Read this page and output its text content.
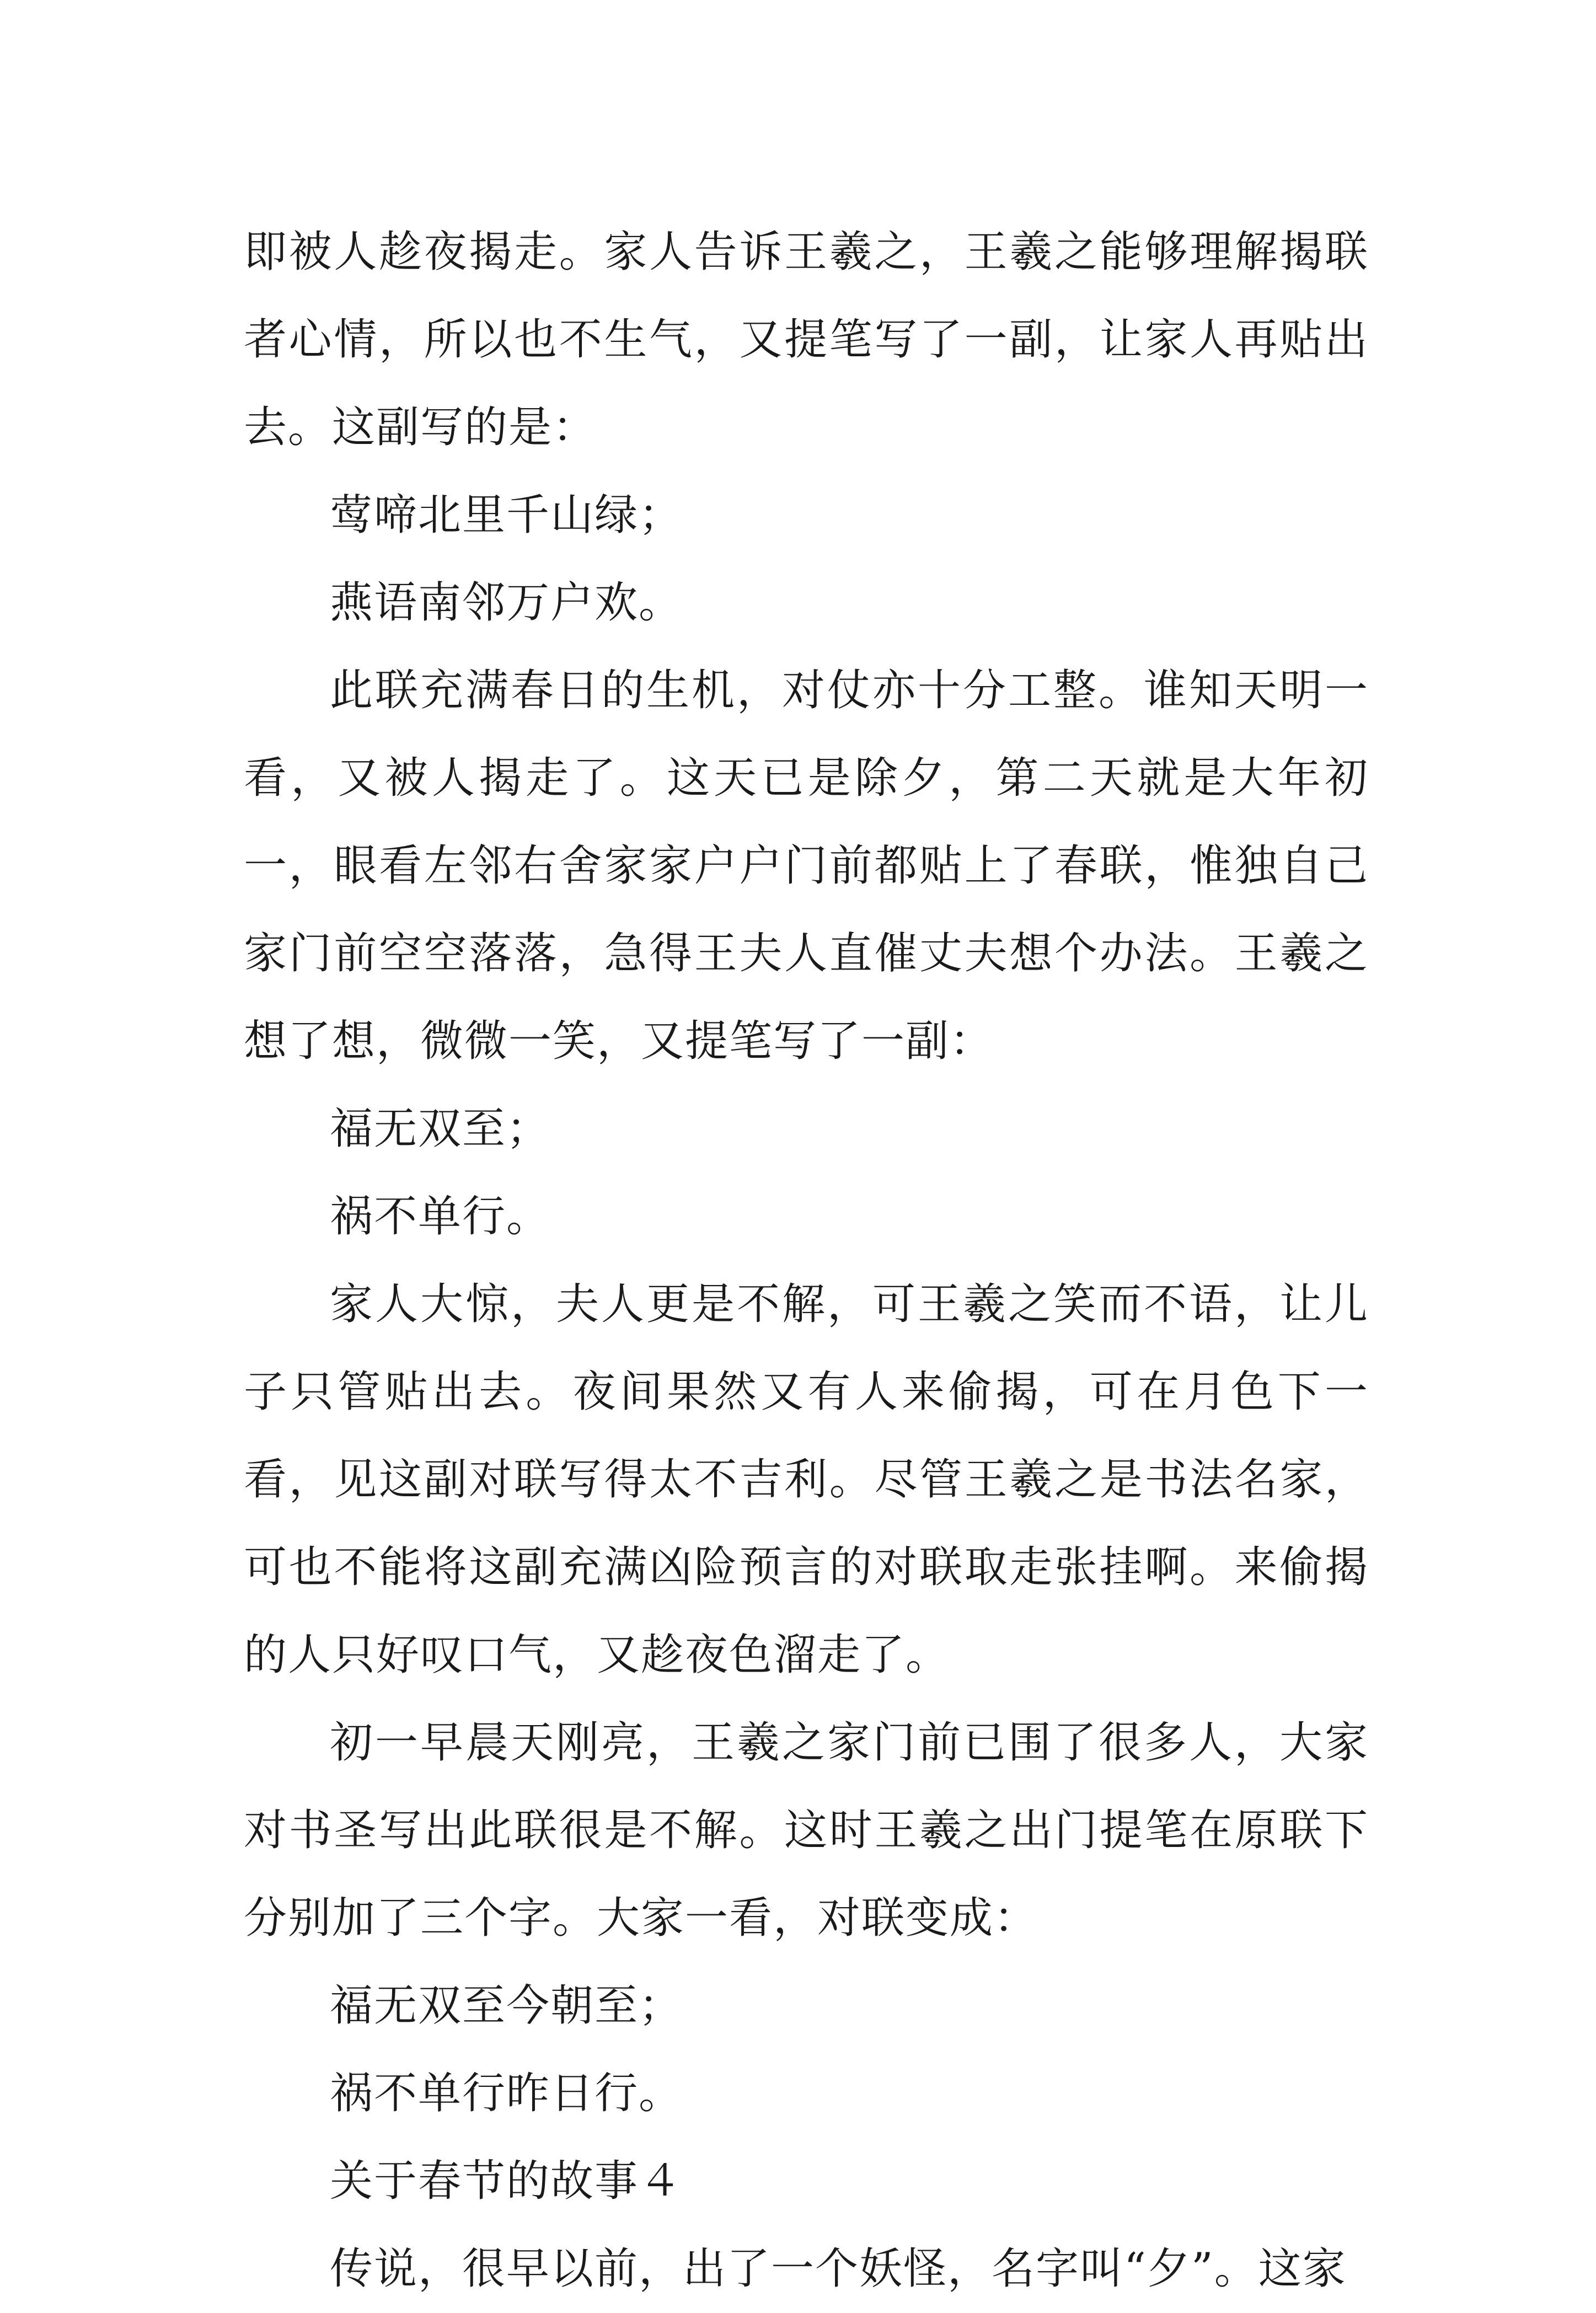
即被人趁夜揭走。家人告诉王羲之，王羲之能够理解揭联者心情，所以也不生气，又提笔写了一副，让家人再贴出去。这副写的是：

莺啼北里千山绿；

燕语南邻万户欢。

此联充满春日的生机，对仗亦十分工整。谁知天明一看，又被人揭走了。这天已是除夕，第二天就是大年初一，眼看左邻右舍家家户户门前都贴上了春联，惟独自己家门前空空落落，急得王夫人直催丈夫想个办法。王羲之想了想，微微一笑，又提笔写了一副：

福无双至；

祸不单行。

家人大惊，夫人更是不解，可王羲之笑而不语，让儿子只管贴出去。夜间果然又有人来偷揭，可在月色下一看，见这副对联写得太不吉利。尽管王羲之是书法名家，可也不能将这副充满凶险预言的对联取走张挂啊。来偷揭的人只好叹口气，又趁夜色溜走了。

初一早晨天刚亮，王羲之家门前已围了很多人，大家对书圣写出此联很是不解。这时王羲之出门提笔在原联下分别加了三个字。大家一看，对联变成：

福无双至今朝至；

祸不单行昨日行。

关于春节的故事４

传说，很早以前，出了一个妖怪，名字叫“夕”。这家
